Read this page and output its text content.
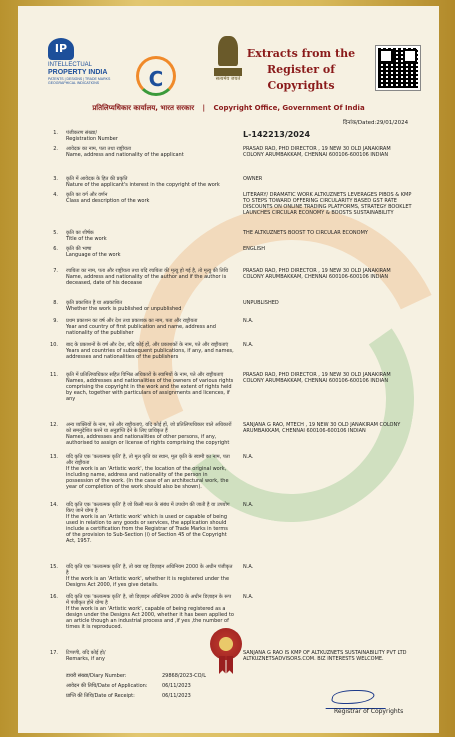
IP
INTELLECTUAL
PROPERTY INDIA
PATENTS | DESIGNS | TRADE MARKS
GEOGRAPHICAL INDICATIONS	C	सत्यमेव जयते
Extracts from the Register of Copyrights
प्रतिलिप्यधिकार कार्यालय, भारत सरकार | Copyright Office, Government Of India
दिनांक/Dated:29/01/2024
1. पंजीकरण संख्या/
Registration Number	L-142213/2024
2. आवेदक का नाम, पता तथा राष्ट्रीयता
Name, address and nationality of the applicant
PRASAD RAO, PHD DIRECTOR , 19 NEW 30 OLD JANAKIRAM COLONY ARUMBAKKAM, CHENNAI 600106-600106 INDIAN
3. कृति में आवेदक के हित की प्रकृति
Nature of the applicant's interest in the copyright of the work
OWNER
4. कृति का वर्ग और वर्णन
Class and description of the work
LITERARY/ DRAMATIC WORK ALTKUZNETS LEVERAGES PIBOS & KMP TO STEPS TOWARD OFFERING CIRCULARITY BASED GST RATE DISCOUNTS ON ONLINE TRADING PLATFORMS, STRATEGY BOOKLET LAUNCHES CIRCULAR ECONOMY & BOOSTS SUSTAINABILITY
5. कृति का शीर्षक
Title of the work
THE ALTKUZNETS BOOST TO CIRCULAR ECONOMY
6. कृति की भाषा
Language of the work
ENGLISH
7. रचयिता का नाम, पता और राष्ट्रीयता तथा यदि रचयिता की मृत्यु हो गई है, तो मृत्यु की तिथि
Name, address and nationality of the author and if the author is deceased, date of his decease
PRASAD RAO, PHD DIRECTOR , 19 NEW 30 OLD JANAKIRAM COLONY ARUMBAKKAM, CHENNAI 600106-600106 INDIAN
8. कृति प्रकाशित है या अप्रकाशित
Whether the work is published or unpublished
UNPUBLISHED
9. प्रथम प्रकाशन का वर्ष और देश तथा प्रकाशक का नाम, पता और राष्ट्रीयता
Year and country of first publication and name, address and nationality of the publisher
N.A.
10. बाद के प्रकाशनों के वर्ष और देश, यदि कोई हों, और प्रकाशकों के नाम, पते और राष्ट्रीयताएं
Years and countries of subsequent publications, if any, and names, addresses and nationalities of the publishers
N.A.
11. कृति में प्रतिलिप्यधिकार सहित विभिन्न अधिकारों के स्वामियों के नाम, पते और राष्ट्रीयताएं
Names, addresses and nationalities of the owners of various rights comprising the copyright in the work and the extent of rights held by each, together with particulars of assignments and licences, if any
PRASAD RAO, PHD DIRECTOR , 19 NEW 30 OLD JANAKIRAM COLONY ARUMBAKKAM, CHENNAI 600106-600106 INDIAN
12. अन्य व्यक्तियों के नाम, पते और राष्ट्रीयताएं, यदि कोई हों, जो प्रतिलिप्यधिकार वाले अधिकारों को समनुदेशित करने या अनुज्ञप्ति देने के लिए प्राधिकृत हैं
Names, addresses and nationalities of other persons, if any, authorised to assign or license of rights comprising the copyright
SANJANA G RAO, MTECH , 19 NEW 30 OLD JANAKIRAM COLONY ARUMBAKKAM, CHENNAI 600106-600106 INDIAN
13. यदि कृति एक 'कलात्मक कृति' है, तो मूल कृति का स्थान, मूल कृति के स्वामी का नाम, पता और राष्ट्रीयता
If the work is an 'Artistic work', the location of the original work, including name, address and nationality of the person in possession of the work. (In the case of an architectural work, the year of completion of the work should also be shown).
N.A.
14. यदि कृति एक 'कलात्मक कृति' है जो किसी माल के संबंध में उपयोग की जाती है या उपयोग किए जाने योग्य है
If the work is an 'Artistic work' which is used or capable of being used in relation to any goods or services, the application should include a certification from the Registrar of Trade Marks in terms of the provision to Sub-Section (i) of Section 45 of the Copyright Act, 1957.
N.A.
15. यदि कृति एक 'कलात्मक कृति' है, तो क्या यह डिज़ाइन अधिनियम 2000 के अधीन पंजीकृत है
If the work is an 'Artistic work', whether it is registered under the Designs Act 2000, if yes give details.
N.A.
16. यदि कृति एक 'कलात्मक कृति' है, जो डिज़ाइन अधिनियम 2000 के अधीन डिज़ाइन के रूप में पंजीकृत होने योग्य है
If the work is an 'Artistic work', capable of being registered as a design under the Designs Act 2000, whether it has been applied to an article though an industrial process and ,if yes ,the number of times it is reproduced.
N.A.
17. टिप्पणी, यदि कोई हो/
Remarks, if any
SANJANA G RAO IS KMP OF ALTKUZNETS SUSTAINABILITY PVT LTD ALTKUZNETSADVISORS.COM. BIZ INTERESTS WELCOME.
Registrar of Copyrights
डायरी संख्या/Diary Number:	29868/2023-CO/L
आवेदन की तिथि/Date of Application:	06/11/2023
प्राप्ति की तिथि/Date of Receipt:	06/11/2023
